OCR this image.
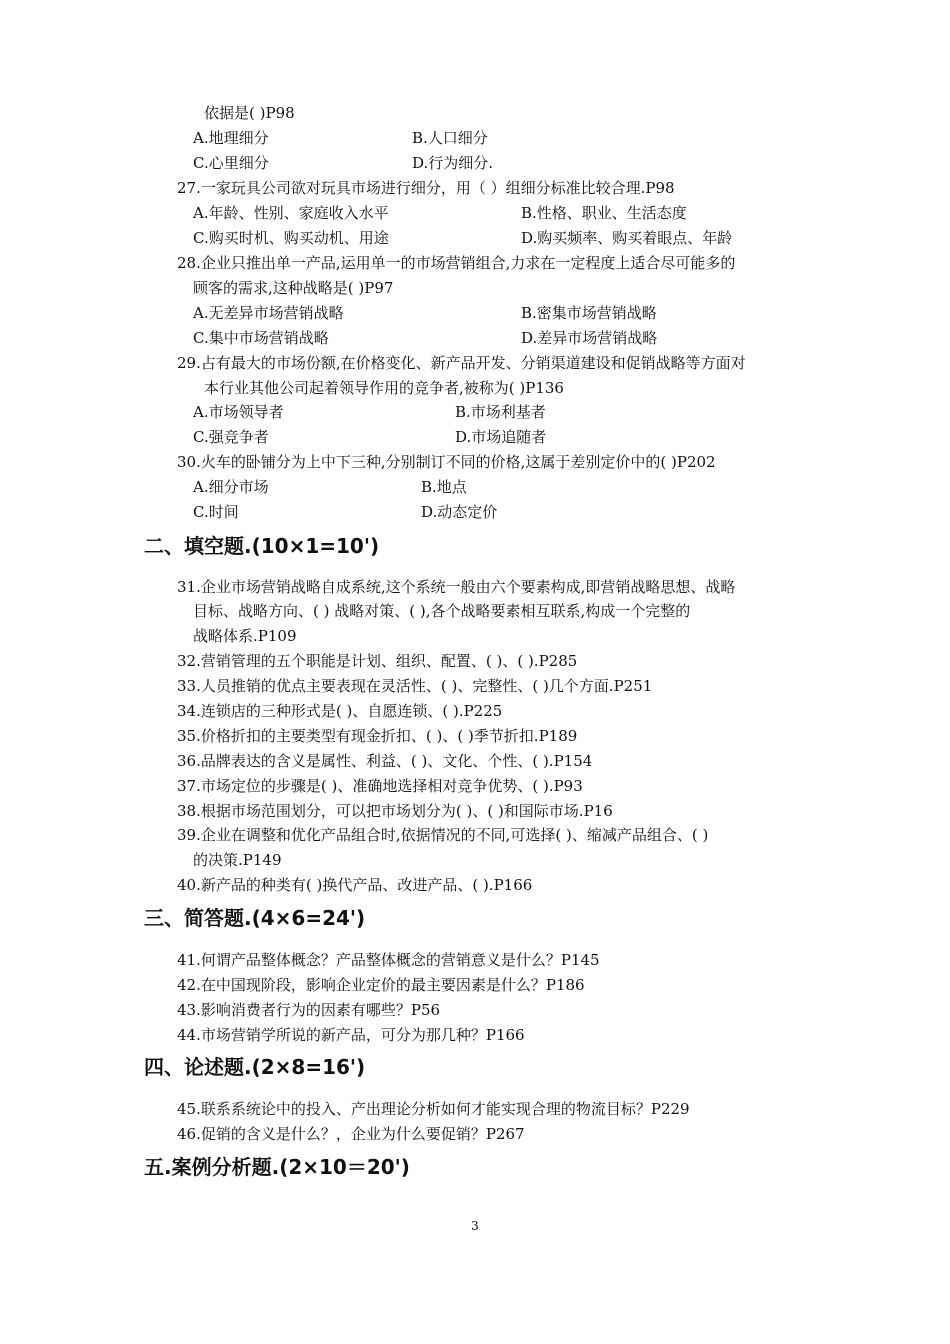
依据是( )P98
A.地理细分	B.人口细分
C.心里细分	D.行为细分.
27.一家玩具公司欲对玩具市场进行细分，用（ ）组细分标准比较合理.P98
A.年龄、性别、家庭收入水平	B.性格、职业、生活态度
C.购买时机、购买动机、用途	D.购买频率、购买着眼点、年龄
28.企业只推出单一产品,运用单一的市场营销组合,力求在一定程度上适合尽可能多的
顾客的需求,这种战略是( )P97
A.无差异市场营销战略	B.密集市场营销战略
C.集中市场营销战略	D.差异市场营销战略
29.占有最大的市场份额,在价格变化、新产品开发、分销渠道建设和促销战略等方面对
本行业其他公司起着领导作用的竞争者,被称为( )P136
A.市场领导者	B.市场利基者
C.强竞争者	D.市场追随者
30.火车的卧铺分为上中下三种,分别制订不同的价格,这属于差别定价中的( )P202
A.细分市场	B.地点
C.时间	D.动态定价
二、填空题.(10×1=10')
31.企业市场营销战略自成系统,这个系统一般由六个要素构成,即营销战略思想、战略
目标、战略方向、( ) 战略对策、( ),各个战略要素相互联系,构成一个完整的
战略体系.P109
32.营销管理的五个职能是计划、组织、配置、( )、( ).P285
33.人员推销的优点主要表现在灵活性、( )、完整性、( )几个方面.P251
34.连锁店的三种形式是( )、自愿连锁、( ).P225
35.价格折扣的主要类型有现金折扣、( )、( )季节折扣.P189
36.品牌表达的含义是属性、利益、( )、文化、个性、( ).P154
37.市场定位的步骤是( )、准确地选择相对竞争优势、( ).P93
38.根据市场范围划分，可以把市场划分为( )、( )和国际市场.P16
39.企业在调整和优化产品组合时,依据情况的不同,可选择( )、缩减产品组合、( )
的决策.P149
40.新产品的种类有( )换代产品、改进产品、( ).P166
三、简答题.(4×6=24')
41.何谓产品整体概念？产品整体概念的营销意义是什么？P145
42.在中国现阶段，影响企业定价的最主要因素是什么？P186
43.影响消费者行为的因素有哪些？P56
44.市场营销学所说的新产品，可分为那几种？P166
四、论述题.(2×8=16')
45.联系系统论中的投入、产出理论分析如何才能实现合理的物流目标？P229
46.促销的含义是什么？，企业为什么要促销？P267
五.案例分析题.(2×10＝20')
3
